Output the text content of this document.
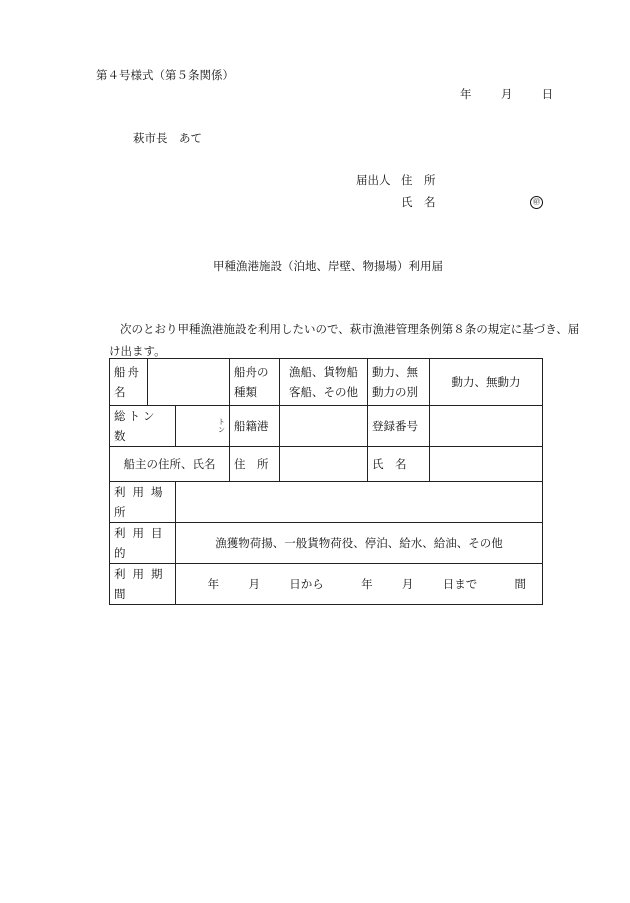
第４号様式（第５条関係）
年	月	日
萩市長　あて
届出人 住　所
氏　名	㊞
甲種漁港施設（泊地、岸壁、物揚場）利用届
次のとおり甲種漁港施設を利用したいので、萩市漁港管理条例第８条の規定に基づき、届け出ます。
船舟名			船舟の種類	漁船、貨物船客船、その他	動力、無動力の別	動力、無動力
総トン数		トン	船籍港		登録番号	
船主の住所、氏名			住　所		氏　名	
利用場所						
利用目的		漁獲物荷揚、一般貨物荷役、停泊、給水、給油、その他				
利用期間		年 月 日から 年 月 日まで 間				
